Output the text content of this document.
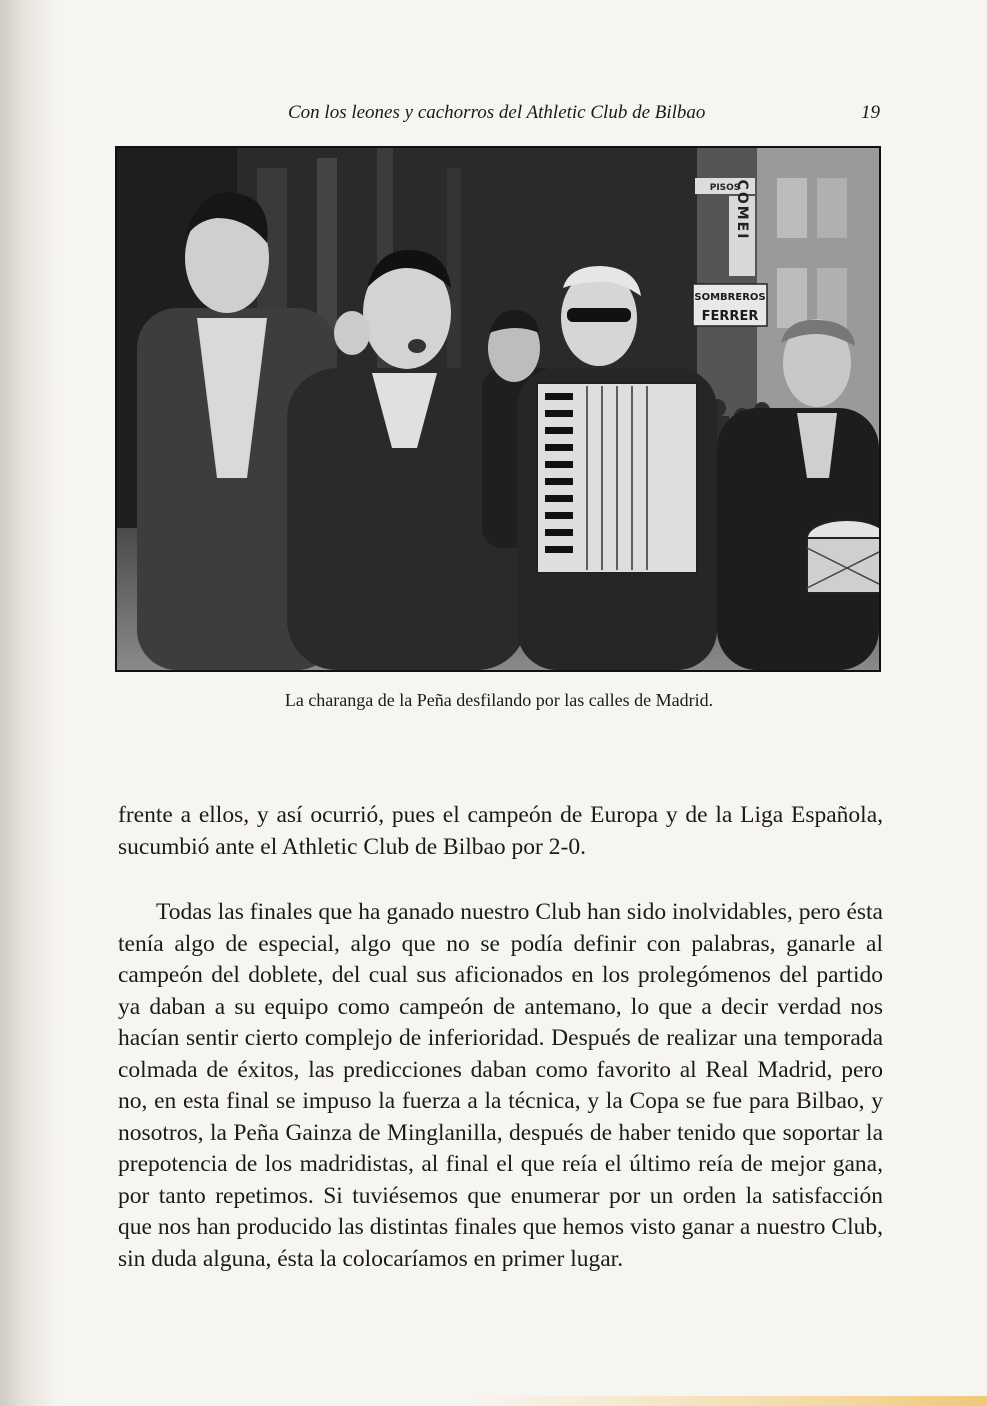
Con los leones y cachorros del Athletic Club de Bilbao	19
PISOS
COMEI
SOMBREROS
FERRER
La charanga de la Peña desfilando por las calles de Madrid.

frente a ellos, y así ocurrió, pues el campeón de Europa y de la Liga Española, sucumbió ante el Athletic Club de Bilbao por 2-0.

Todas las finales que ha ganado nuestro Club han sido inolvidables, pero ésta tenía algo de especial, algo que no se podía definir con palabras, ganarle al campeón del doblete, del cual sus aficionados en los prolegómenos del partido ya daban a su equipo como campeón de antemano, lo que a decir verdad nos hacían sentir cierto complejo de inferioridad. Después de realizar una temporada colmada de éxitos, las predicciones daban como favorito al Real Madrid, pero no, en esta final se impuso la fuerza a la técnica, y la Copa se fue para Bilbao, y nosotros, la Peña Gainza de Minglanilla, después de haber tenido que soportar la prepotencia de los madridistas, al final el que reía el último reía de mejor gana, por tanto repetimos. Si tuviésemos que enumerar por un orden la satisfacción que nos han producido las distintas finales que hemos visto ganar a nuestro Club, sin duda alguna, ésta la colocaríamos en primer lugar.
